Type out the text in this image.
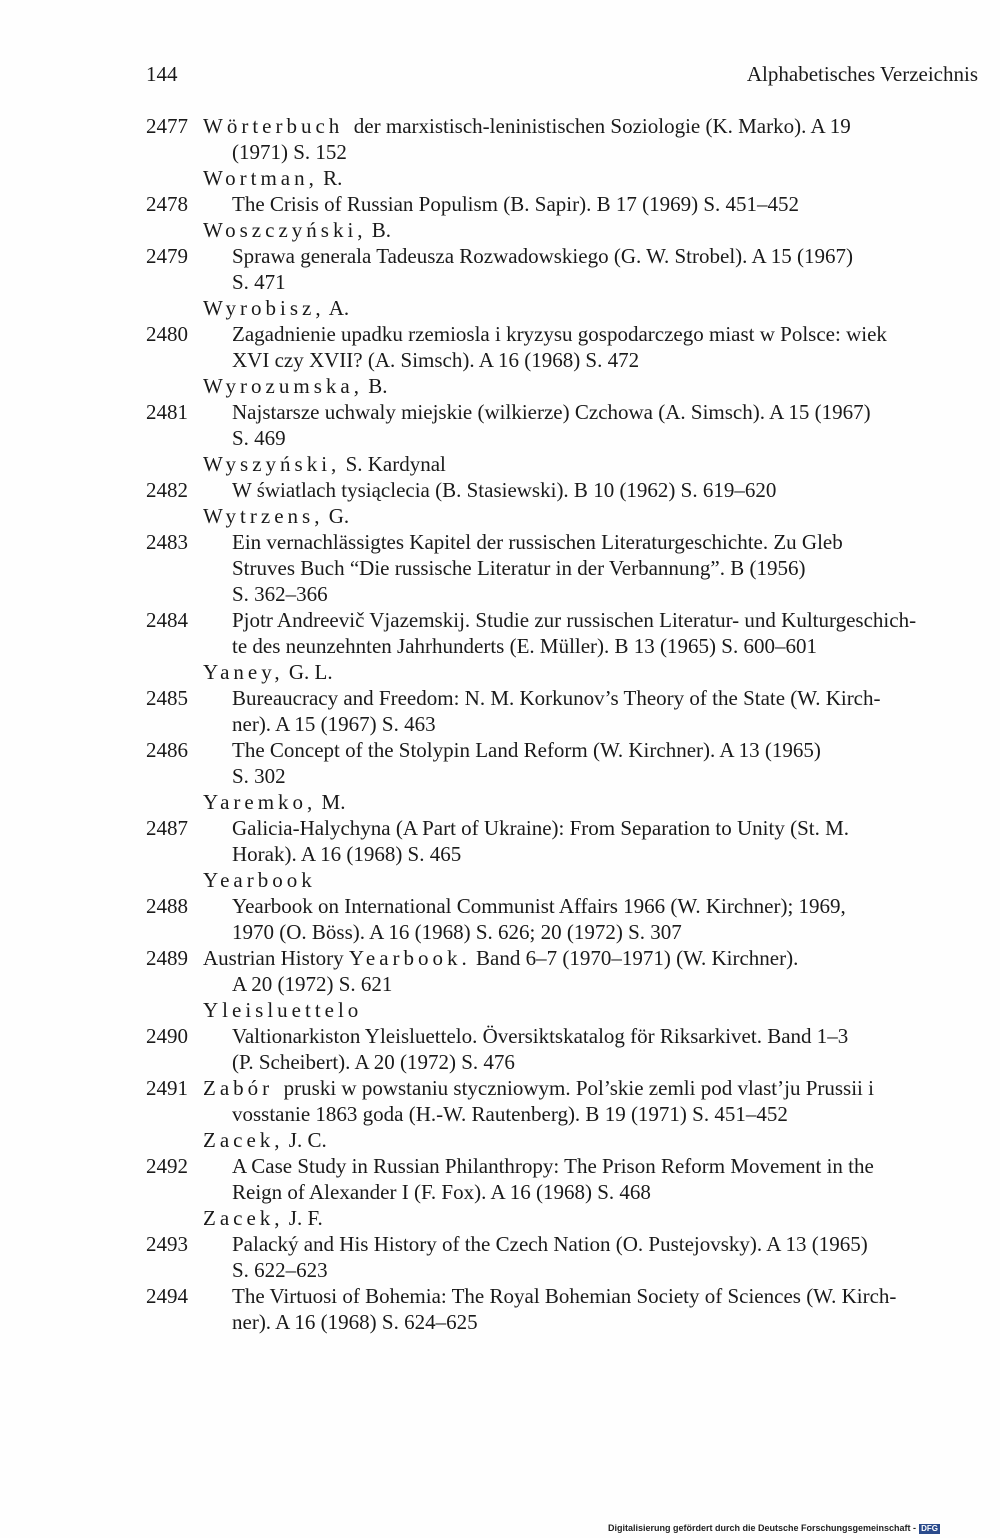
144	Alphabetisches Verzeichnis
2477 Wörterbuch  der marxistisch-leninistischen Soziologie (K. Marko). A 19
(1971) S. 152
Wortman, R.
2478 The Crisis of Russian Populism (B. Sapir). B 17 (1969) S. 451–452
Woszczyński, B.
2479 Sprawa generala Tadeusza Rozwadowskiego (G. W. Strobel). A 15 (1967)
S. 471
Wyrobisz, A.
2480 Zagadnienie upadku rzemiosla i kryzysu gospodarczego miast w Polsce: wiek
XVI czy XVII? (A. Simsch). A 16 (1968) S. 472
Wyrozumska, B.
2481 Najstarsze uchwaly miejskie (wilkierze) Czchowa (A. Simsch). A 15 (1967)
S. 469
Wyszyński, S. Kardynal
2482 W światlach tysiąclecia (B. Stasiewski). B 10 (1962) S. 619–620
Wytrzens, G.
2483 Ein vernachlässigtes Kapitel der russischen Literaturgeschichte. Zu Gleb
Struves Buch “Die russische Literatur in der Verbannung”. B (1956)
S. 362–366
2484 Pjotr Andreevič Vjazemskij. Studie zur russischen Literatur- und Kulturgeschich-
te des neunzehnten Jahrhunderts (E. Müller). B 13 (1965) S. 600–601
Yaney, G. L.
2485 Bureaucracy and Freedom: N. M. Korkunov’s Theory of the State (W. Kirch-
ner). A 15 (1967) S. 463
2486 The Concept of the Stolypin Land Reform (W. Kirchner). A 13 (1965)
S. 302
Yaremko, M.
2487 Galicia-Halychyna (A Part of Ukraine): From Separation to Unity (St. M.
Horak). A 16 (1968) S. 465
Yearbook
2488 Yearbook on International Communist Affairs 1966 (W. Kirchner); 1969,
1970 (O. Böss). A 16 (1968) S. 626; 20 (1972) S. 307
2489 Austrian History Yearbook. Band 6–7 (1970–1971) (W. Kirchner).
A 20 (1972) S. 621
Yleisluettelo
2490 Valtionarkiston Yleisluettelo. Översiktskatalog för Riksarkivet. Band 1–3
(P. Scheibert). A 20 (1972) S. 476
2491 Zabór  pruski w powstaniu styczniowym. Pol’skie zemli pod vlast’ju Prussii i
vosstanie 1863 goda (H.-W. Rautenberg). B 19 (1971) S. 451–452
Zacek, J. C.
2492 A Case Study in Russian Philanthropy: The Prison Reform Movement in the
Reign of Alexander I (F. Fox). A 16 (1968) S. 468
Zacek, J. F.
2493 Palacký and His History of the Czech Nation (O. Pustejovsky). A 13 (1965)
S. 622–623
2494 The Virtuosi of Bohemia: The Royal Bohemian Society of Sciences (W. Kirch-
ner). A 16 (1968) S. 624–625
Digitalisierung gefördert durch die Deutsche Forschungsgemeinschaft - DFG
